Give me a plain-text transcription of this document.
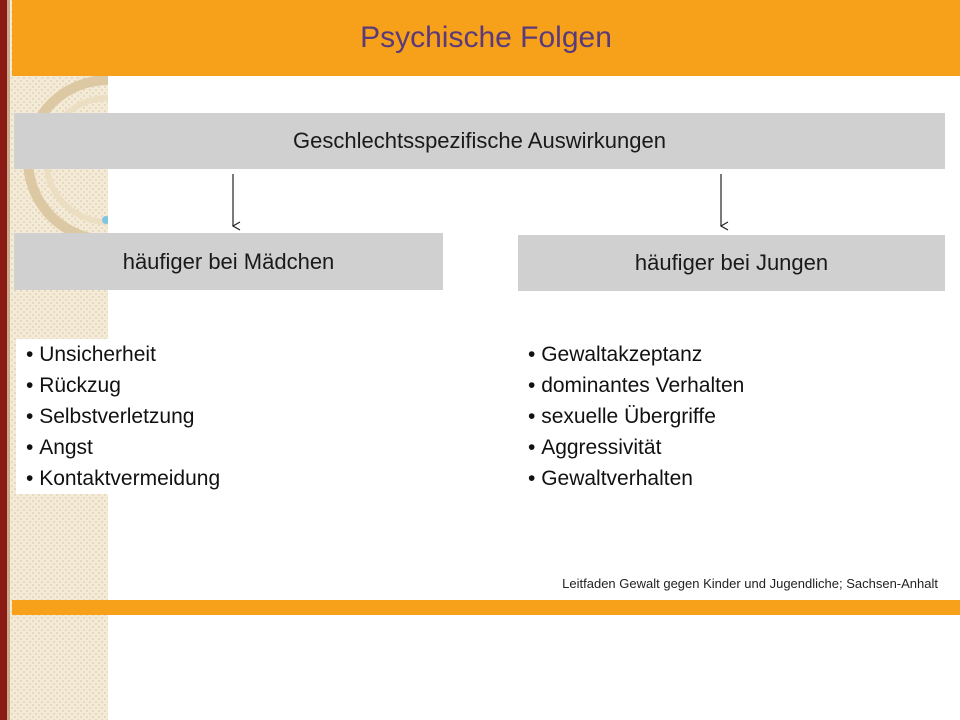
Psychische Folgen
Geschlechtsspezifische Auswirkungen
häufiger bei Mädchen	häufiger bei Jungen
• Unsicherheit
• Rückzug
• Selbstverletzung
• Angst
• Kontaktvermeidung
• Gewaltakzeptanz
• dominantes Verhalten
• sexuelle Übergriffe
• Aggressivität
• Gewaltverhalten
Leitfaden Gewalt gegen Kinder und Jugendliche; Sachsen-Anhalt
